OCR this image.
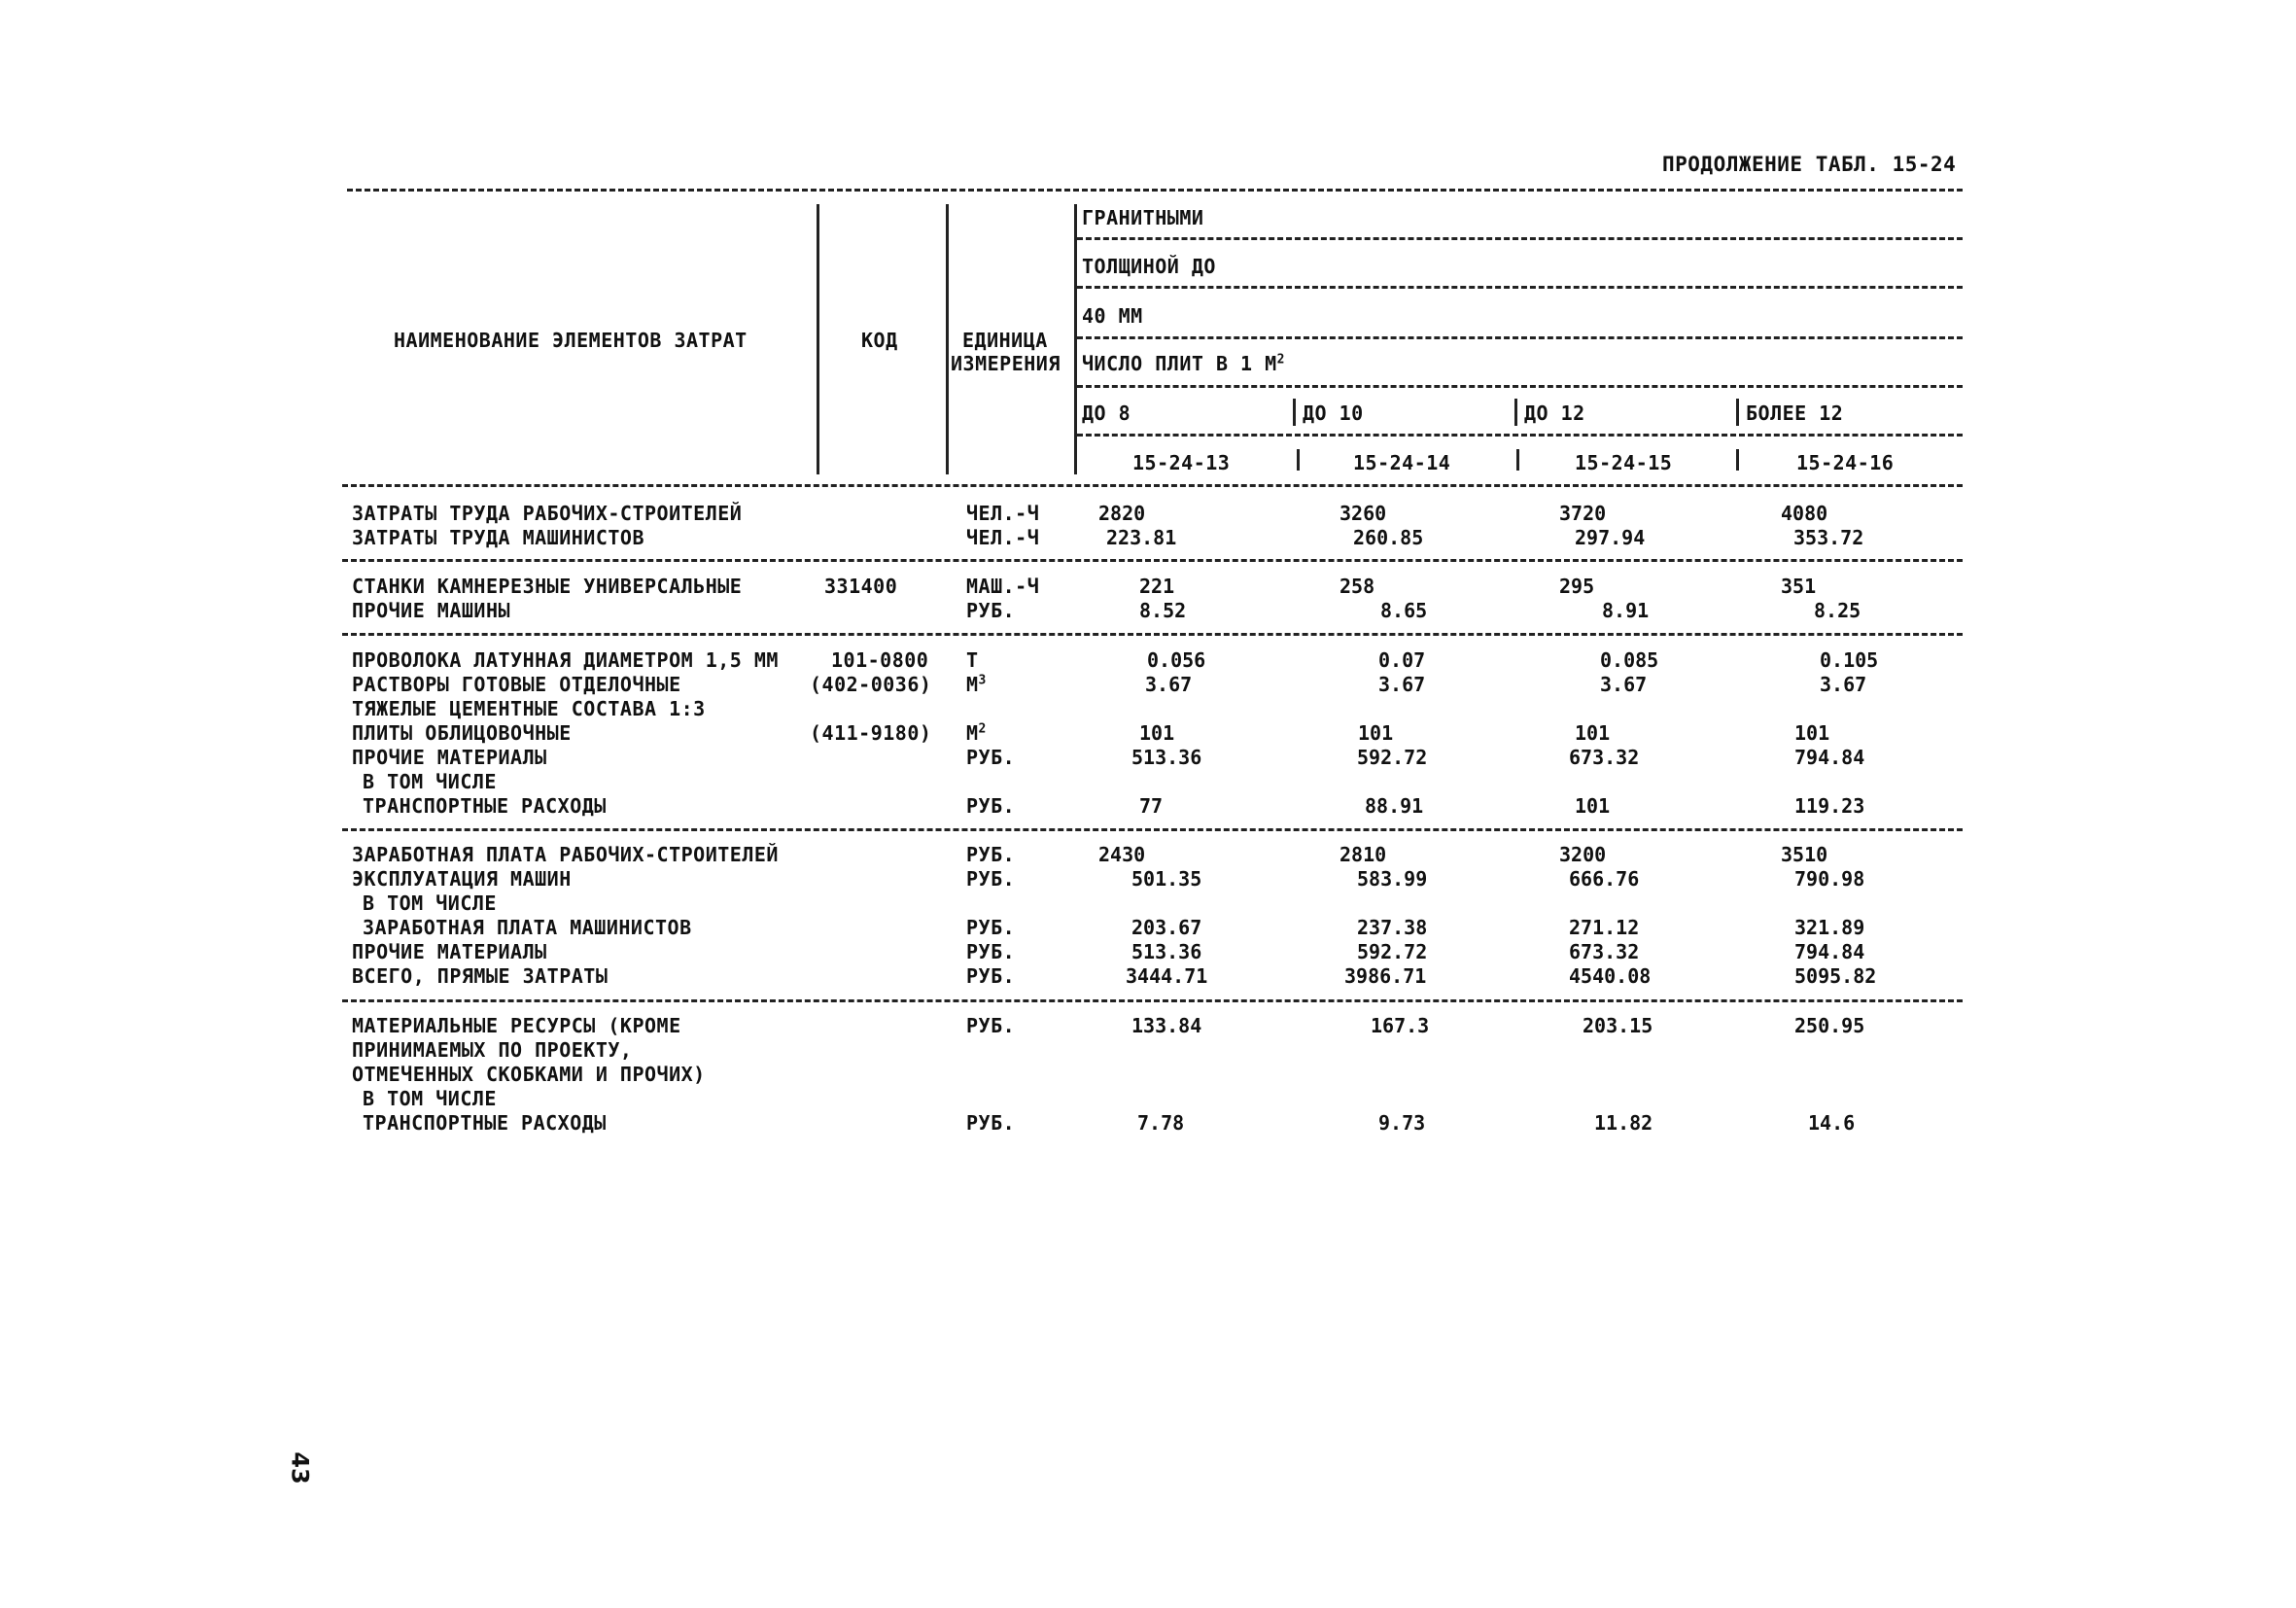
ПРОДОЛЖЕНИЕ ТАБЛ. 15-24
НАИМЕНОВАНИЕ ЭЛЕМЕНТОВ ЗАТРАТ	КОД	ЕДИНИЦА
ИЗМЕРЕНИЯ
ГРАНИТНЫМИ
ТОЛЩИНОЙ ДО
40 ММ
ЧИСЛО ПЛИТ В 1 $М^2$
ДО 8	ДО 10	ДО 12	БОЛЕЕ 12
15-24-13	15-24-14	15-24-15	15-24-16
ЗАТРАТЫ ТРУДА РАБОЧИХ-СТРОИТЕЛЕЙ	ЧЕЛ.-Ч	2820	3260	3720	4080
ЗАТРАТЫ ТРУДА МАШИНИСТОВ	ЧЕЛ.-Ч	223.81	260.85	297.94	353.72
СТАНКИ КАМНЕРЕЗНЫЕ УНИВЕРСАЛЬНЫЕ	331400	МАШ.-Ч	221	258	295	351
ПРОЧИЕ МАШИНЫ	РУБ.	8.52	8.65	8.91	8.25
ПРОВОЛОКА ЛАТУННАЯ ДИАМЕТРОМ 1,5 ММ	101-0800 Т	0.056	0.07	0.085	0.105
РАСТВОРЫ ГОТОВЫЕ ОТДЕЛОЧНЫЕ	(402-0036) $М^3$	3.67	3.67	3.67	3.67
ТЯЖЕЛЫЕ ЦЕМЕНТНЫЕ СОСТАВА 1:3
ПЛИТЫ ОБЛИЦОВОЧНЫЕ	(411-9180) $М^2$	101	101	101	101
ПРОЧИЕ МАТЕРИАЛЫ	РУБ.	513.36	592.72	673.32	794.84
В ТОМ ЧИСЛЕ
ТРАНСПОРТНЫЕ РАСХОДЫ	РУБ.	77	88.91	101	119.23
ЗАРАБОТНАЯ ПЛАТА РАБОЧИХ-СТРОИТЕЛЕЙ	РУБ.	2430	2810	3200	3510
ЭКСПЛУАТАЦИЯ МАШИН	РУБ.	501.35	583.99	666.76	790.98
В ТОМ ЧИСЛЕ
ЗАРАБОТНАЯ ПЛАТА МАШИНИСТОВ	РУБ.	203.67	237.38	271.12	321.89
ПРОЧИЕ МАТЕРИАЛЫ	РУБ.	513.36	592.72	673.32	794.84
ВСЕГО, ПРЯМЫЕ ЗАТРАТЫ	РУБ.	3444.71	3986.71	4540.08	5095.82
МАТЕРИАЛЬНЫЕ РЕСУРСЫ (КРОМЕ	РУБ.	133.84	167.3	203.15	250.95
ПРИНИМАЕМЫХ ПО ПРОЕКТУ,
ОТМЕЧЕННЫХ СКОБКАМИ И ПРОЧИХ)
В ТОМ ЧИСЛЕ
ТРАНСПОРТНЫЕ РАСХОДЫ	РУБ.	7.78	9.73	11.82	14.6
43
